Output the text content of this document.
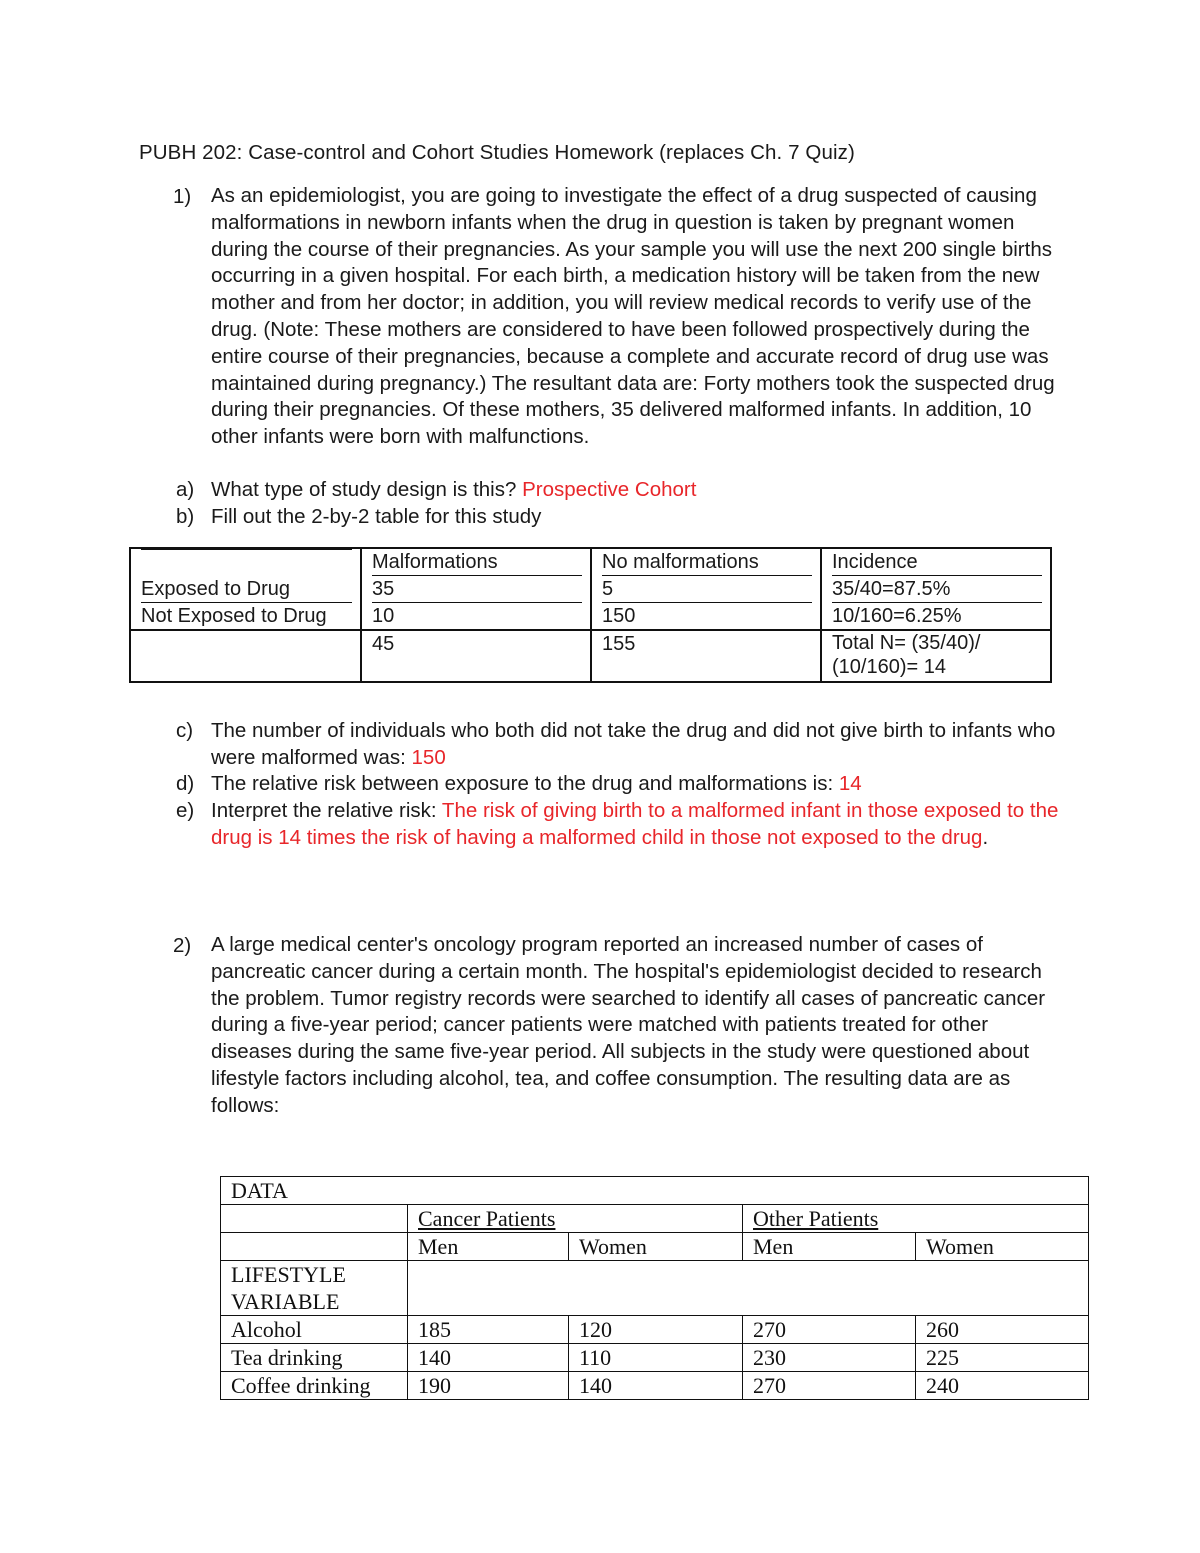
PUBH 202: Case-control and Cohort Studies Homework (replaces Ch. 7 Quiz)
1) As an epidemiologist, you are going to investigate the effect of a drug suspected of causing malformations in newborn infants when the drug in question is taken by pregnant women during the course of their pregnancies. As your sample you will use the next 200 single births occurring in a given hospital. For each birth, a medication history will be taken from the new mother and from her doctor; in addition, you will review medical records to verify use of the drug. (Note: These mothers are considered to have been followed prospectively during the entire course of their pregnancies, because a complete and accurate record of drug use was maintained during pregnancy.) The resultant data are: Forty mothers took the suspected drug during their pregnancies. Of these mothers, 35 delivered malformed infants. In addition, 10 other infants were born with malfunctions.
a) What type of study design is this? Prospective Cohort
b) Fill out the 2-by-2 table for this study

	Malformations	No malformations	Incidence

Exposed to Drug	35	5	35/40=87.5%

Not Exposed to Drug	10	150	10/160=6.25%
	45	155	Total N= (35/40)/ (10/160)= 14
c) The number of individuals who both did not take the drug and did not give birth to infants who were malformed was: 150
d) The relative risk between exposure to the drug and malformations is: 14
e) Interpret the relative risk: The risk of giving birth to a malformed infant in those exposed to the drug is 14 times the risk of having a malformed child in those not exposed to the drug.
2) A large medical center's oncology program reported an increased number of cases of pancreatic cancer during a certain month. The hospital's epidemiologist decided to research the problem. Tumor registry records were searched to identify all cases of pancreatic cancer during a five-year period; cancer patients were matched with patients treated for other diseases during the same five-year period. All subjects in the study were questioned about lifestyle factors including alcohol, tea, and coffee consumption. The resulting data are as follows:
DATA				
	Cancer Patients		Other Patients	
	Men	Women	Men	Women
LIFESTYLE VARIABLE				
Alcohol	185	120	270	260
Tea drinking	140	110	230	225
Coffee drinking	190	140	270	240
